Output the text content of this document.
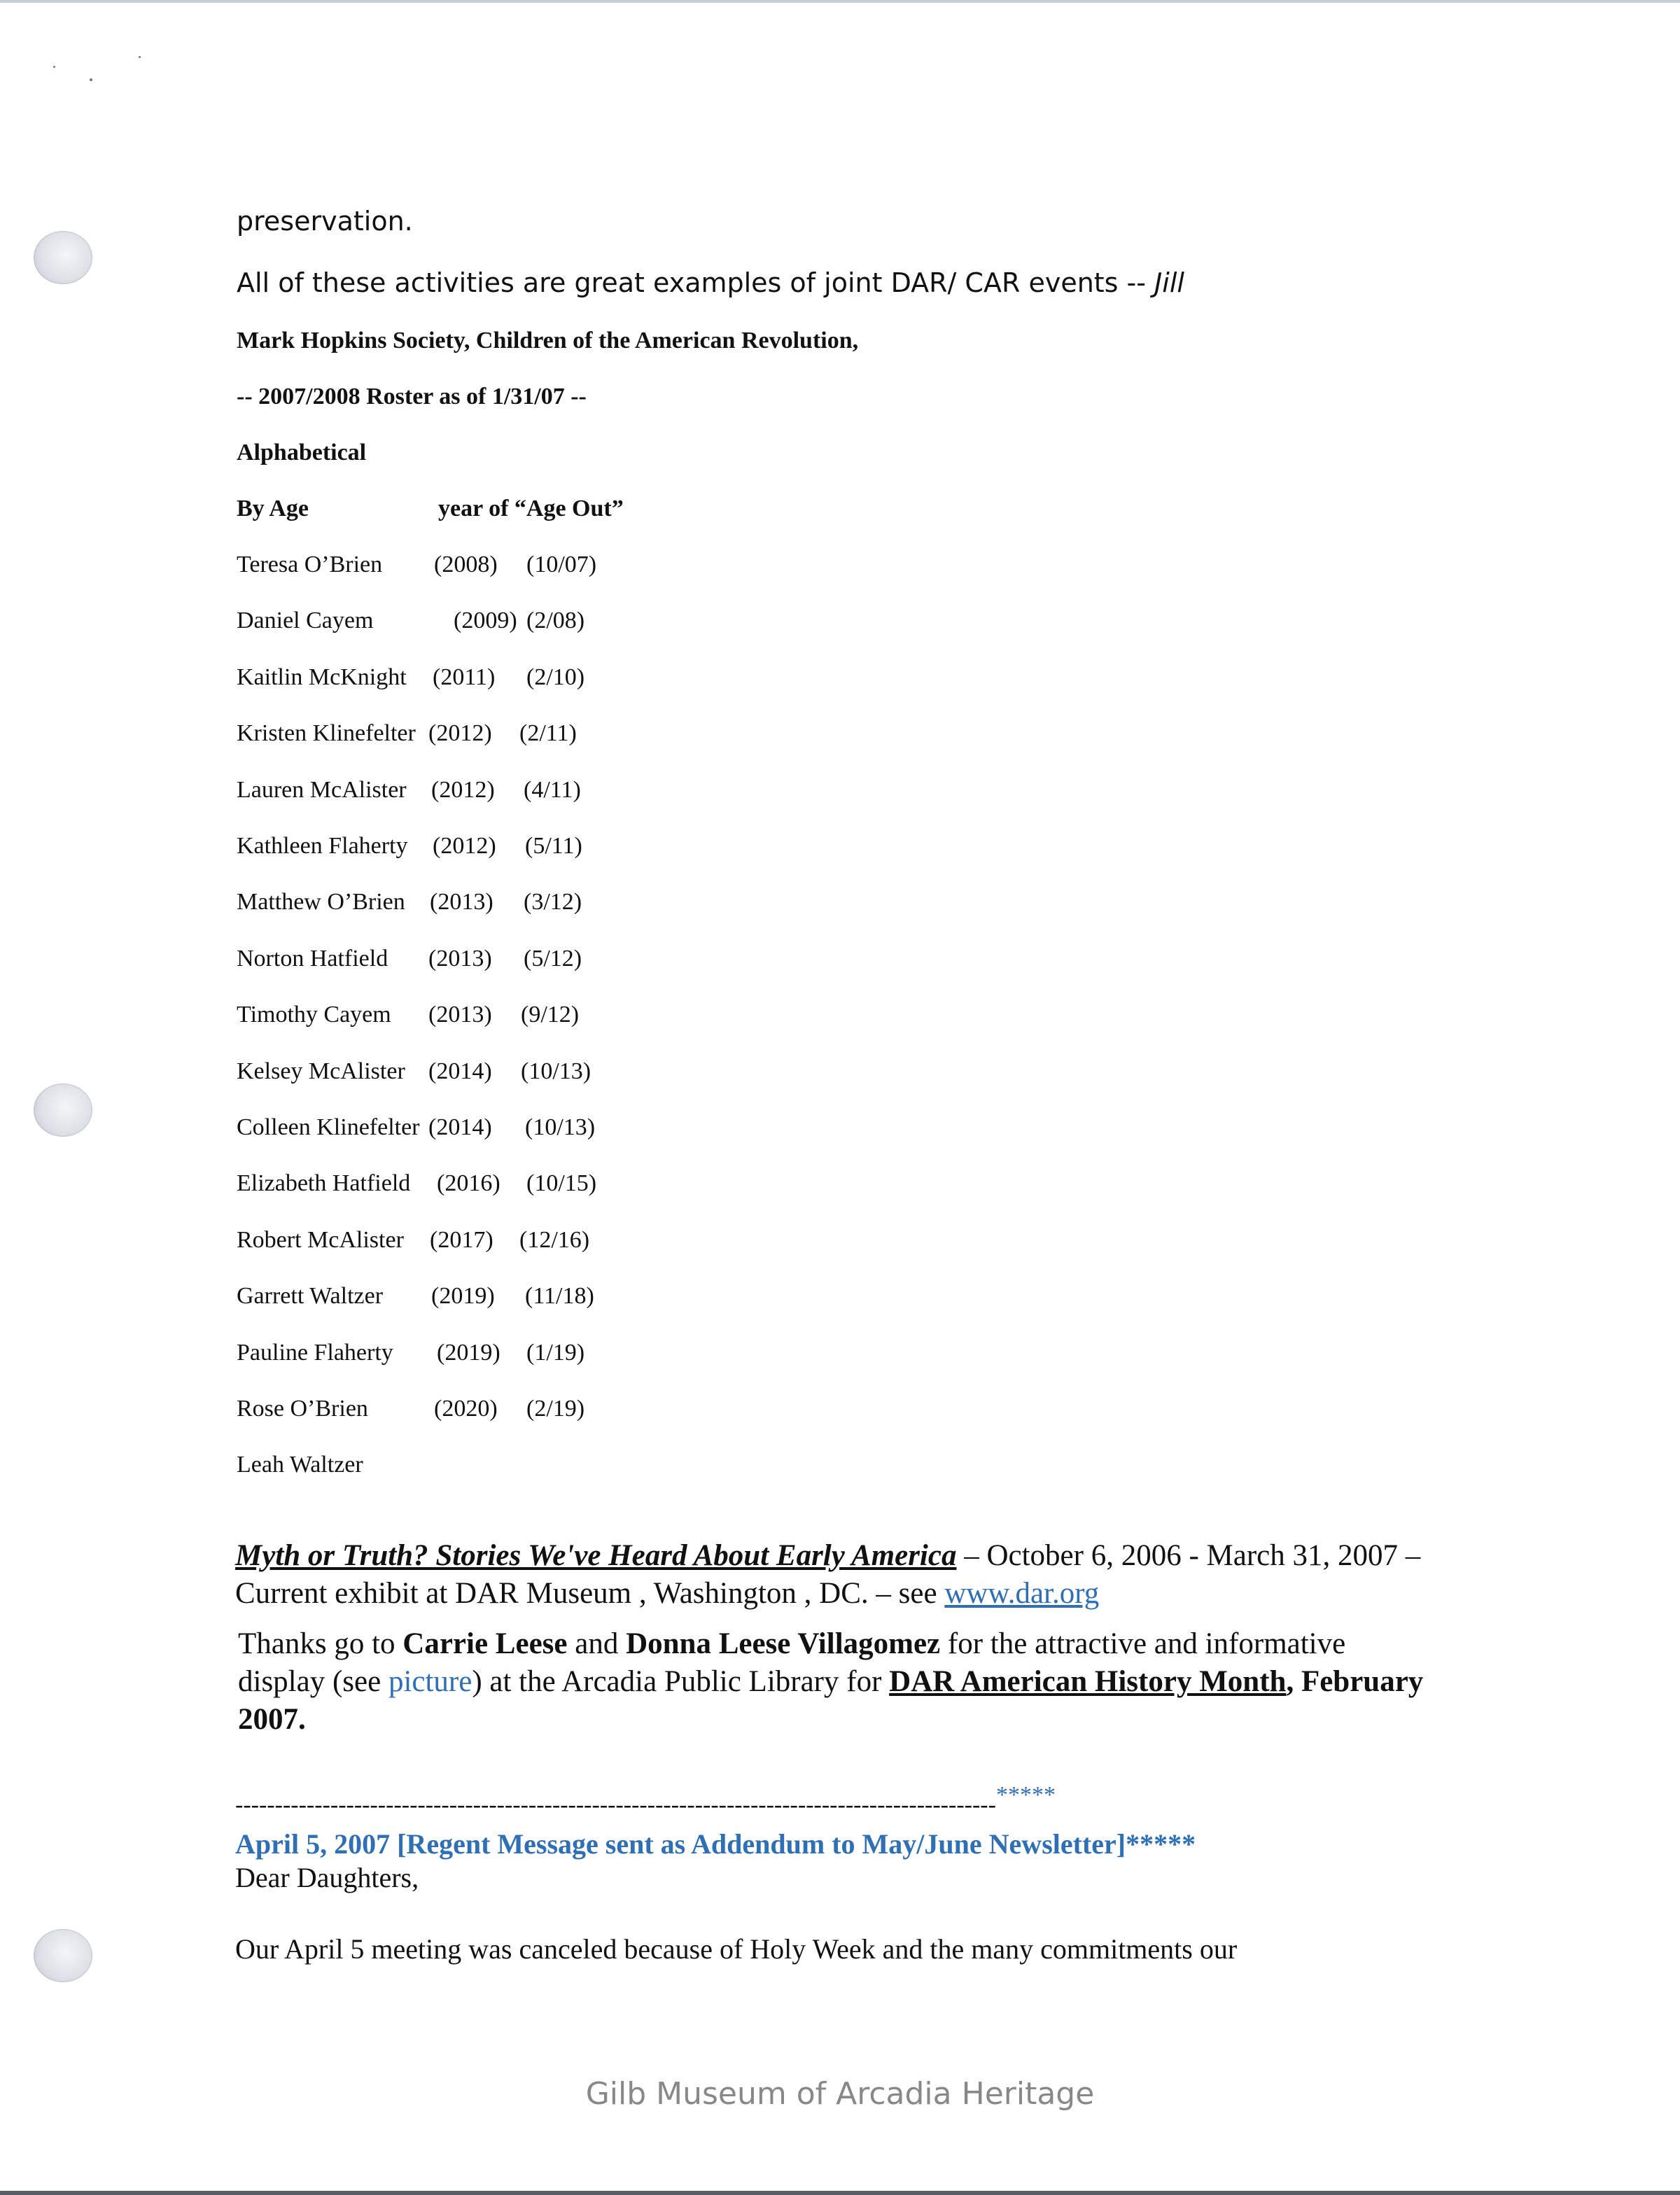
preservation.
All of these activities are great examples of joint DAR/ CAR events -- Jill
Mark Hopkins Society, Children of the American Revolution,
-- 2007/2008 Roster as of 1/31/07 --
Alphabetical
By Age	year of “Age Out”
Teresa O’Brien (2008) (10/07)
Daniel Cayem	(2009) (2/08)
Kaitlin McKnight (2011) (2/10)
Kristen Klinefelter (2012) (2/11)
Lauren McAlister (2012) (4/11)
Kathleen Flaherty (2012) (5/11)
Matthew O’Brien (2013) (3/12)
Norton Hatfield (2013) (5/12)
Timothy Cayem (2013) (9/12)
Kelsey McAlister (2014) (10/13)
Colleen Klinefelter (2014) (10/13)
Elizabeth Hatfield (2016) (10/15)
Robert McAlister (2017) (12/16)
Garrett Waltzer (2019) (11/18)
Pauline Flaherty (2019) (1/19)
Rose O’Brien	(2020) (2/19)
Leah Waltzer
Myth or Truth? Stories We've Heard About Early America – October 6, 2006 - March 31, 2007 – Current exhibit at DAR Museum , Washington , DC. – see www.dar.org
Thanks go to Carrie Leese and Donna Leese Villagomez for the attractive and informative display (see picture) at the Arcadia Public Library for DAR American History Month, February 2007.
------------------------------------------------------------------------------------------------*****
April 5, 2007 [Regent Message sent as Addendum to May/June Newsletter]*****
Dear Daughters,
Our April 5 meeting was canceled because of Holy Week and the many commitments our
Gilb Museum of Arcadia Heritage
